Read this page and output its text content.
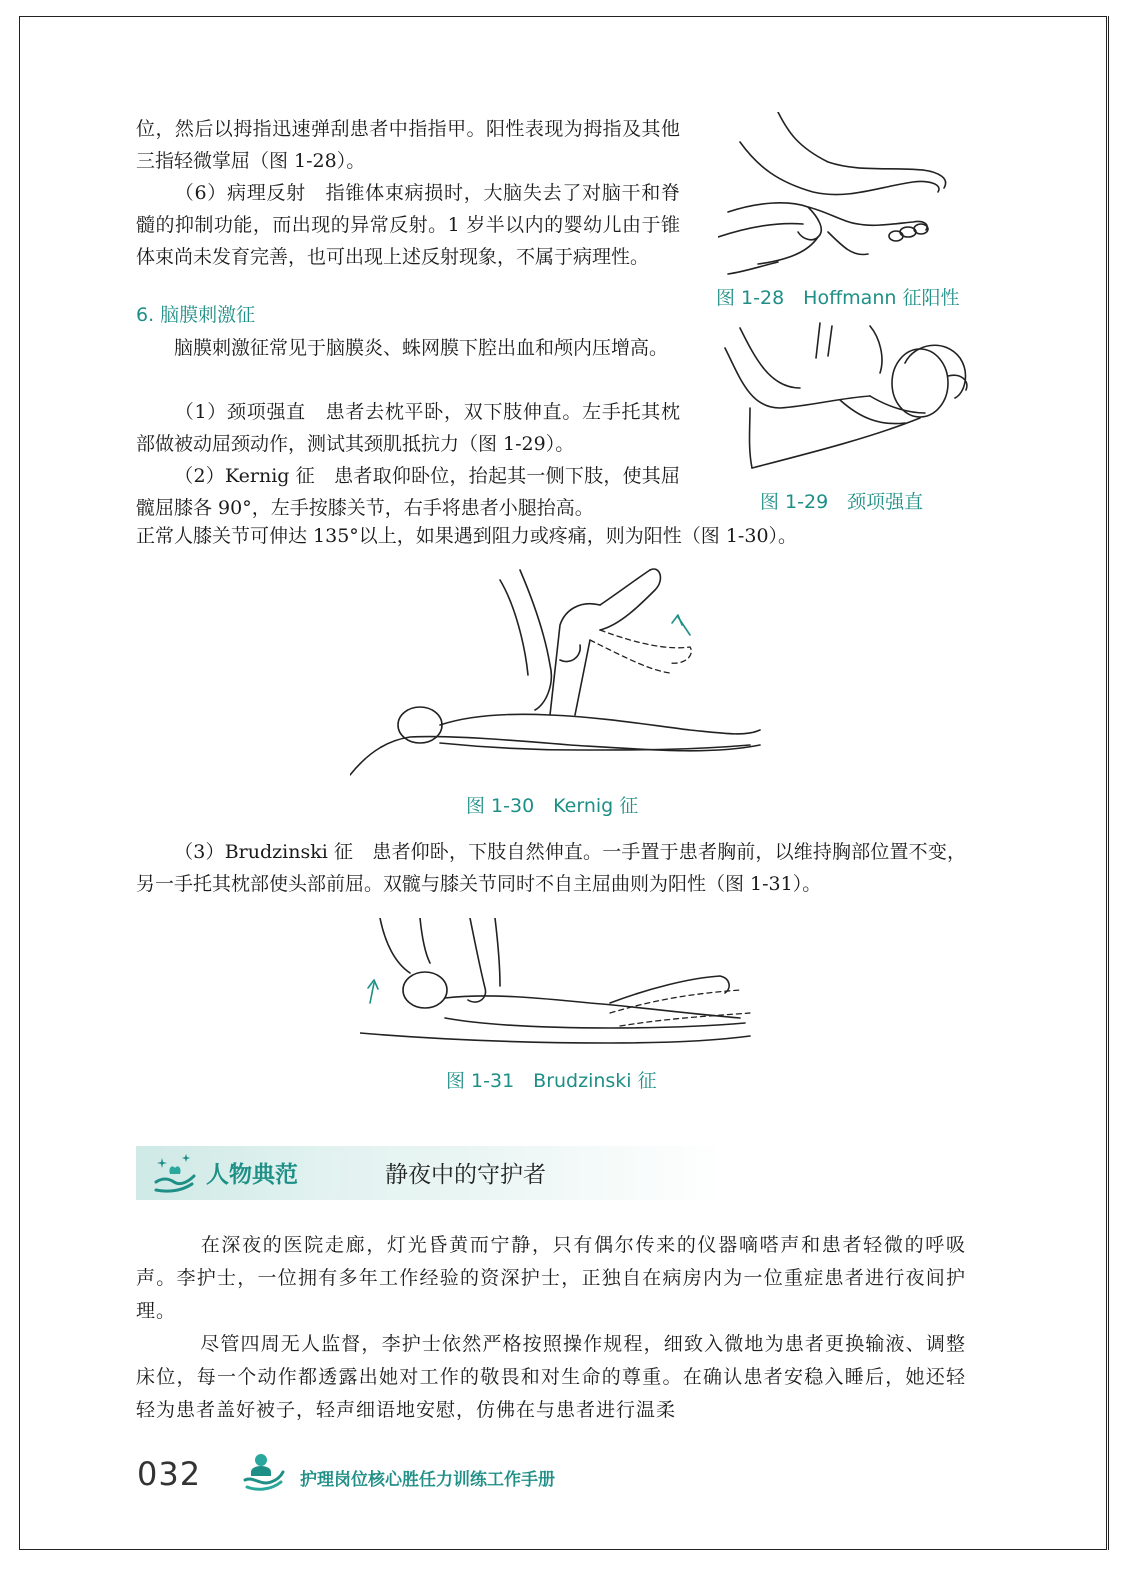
位，然后以拇指迅速弹刮患者中指指甲。阳性表现为拇指及其他三指轻微掌屈（图 1-28）。

（6）病理反射　指锥体束病损时，大脑失去了对脑干和脊髓的抑制功能，而出现的异常反射。1 岁半以内的婴幼儿由于锥体束尚未发育完善，也可出现上述反射现象，不属于病理性。

6. 脑膜刺激征

脑膜刺激征常见于脑膜炎、蛛网膜下腔出血和颅内压增高。

（1）颈项强直　患者去枕平卧，双下肢伸直。左手托其枕部做被动屈颈动作，测试其颈肌抵抗力（图 1-29）。

（2）Kernig 征　患者取仰卧位，抬起其一侧下肢，使其屈髋屈膝各 90°，左手按膝关节，右手将患者小腿抬高。

正常人膝关节可伸达 135°以上，如果遇到阻力或疼痛，则为阳性（图 1-30）。

图 1-28　Hoffmann 征阳性
图 1-29　颈项强直
图 1-30　Kernig 征

（3）Brudzinski 征　患者仰卧，下肢自然伸直。一手置于患者胸前，以维持胸部位置不变，另一手托其枕部使头部前屈。双髋与膝关节同时不自主屈曲则为阳性（图 1-31）。

图 1-31　Brudzinski 征
人物典范	静夜中的守护者

在深夜的医院走廊，灯光昏黄而宁静，只有偶尔传来的仪器嘀嗒声和患者轻微的呼吸声。李护士，一位拥有多年工作经验的资深护士，正独自在病房内为一位重症患者进行夜间护理。

尽管四周无人监督，李护士依然严格按照操作规程，细致入微地为患者更换输液、调整床位，每一个动作都透露出她对工作的敬畏和对生命的尊重。在确认患者安稳入睡后，她还轻轻为患者盖好被子，轻声细语地安慰，仿佛在与患者进行温柔

032	护理岗位核心胜任力训练工作手册
